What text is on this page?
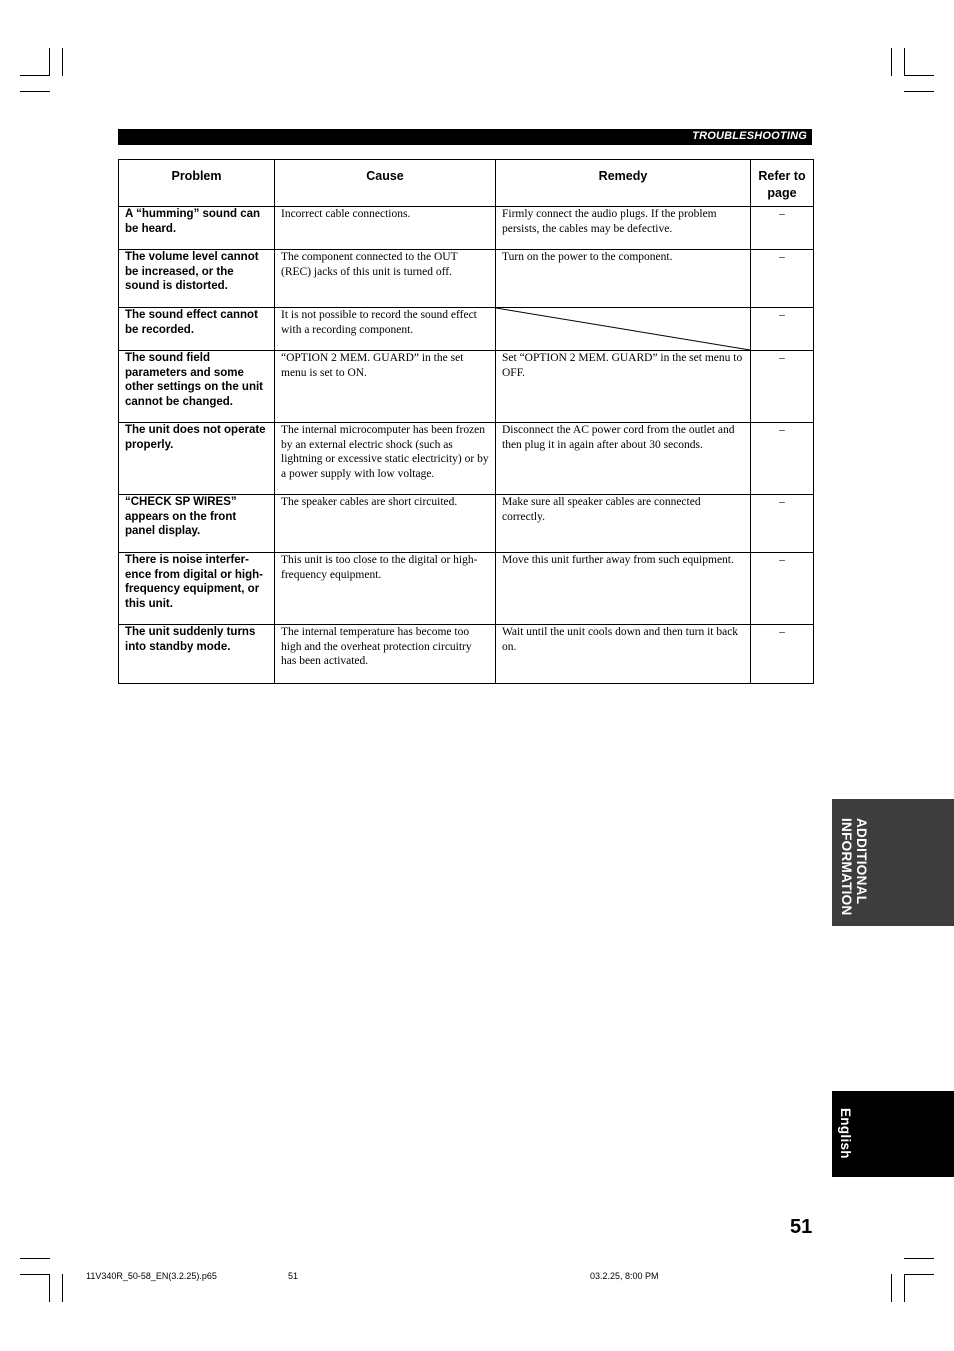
TROUBLESHOOTING
Problem	Cause	Remedy	Refer to page
A “humming” sound can be heard.	Incorrect cable connections.	Firmly connect the audio plugs. If the problem persists, the cables may be defective.	–
The volume level cannot be increased, or the sound is distorted.	The component connected to the OUT (REC) jacks of this unit is turned off.	Turn on the power to the component.	–
The sound effect cannot be recorded.	It is not possible to record the sound effect with a recording component.		–
The sound field parameters and some other settings on the unit cannot be changed.	“OPTION 2 MEM. GUARD” in the set menu is set to ON.	Set “OPTION 2 MEM. GUARD” in the set menu to OFF.	–
The unit does not operate properly.	The internal microcomputer has been frozen by an external electric shock (such as lightning or excessive static electricity) or by a power supply with low voltage.	Disconnect the AC power cord from the outlet and then plug it in again after about 30 seconds.	–
“CHECK SP WIRES” appears on the front panel display.	The speaker cables are short circuited.	Make sure all speaker cables are connected correctly.	–
There is noise interfer- ence from digital or high-frequency equipment, or this unit.	This unit is too close to the digital or high-frequency equipment.	Move this unit further away from such equipment.	–
The unit suddenly turns into standby mode.	The internal temperature has become too high and the overheat protection circuitry has been activated.	Wait until the unit cools down and then turn it back on.	–
ADDITIONAL INFORMATION
English
51
11V340R_50-58_EN(3.2.25).p65	51	03.2.25, 8:00 PM
